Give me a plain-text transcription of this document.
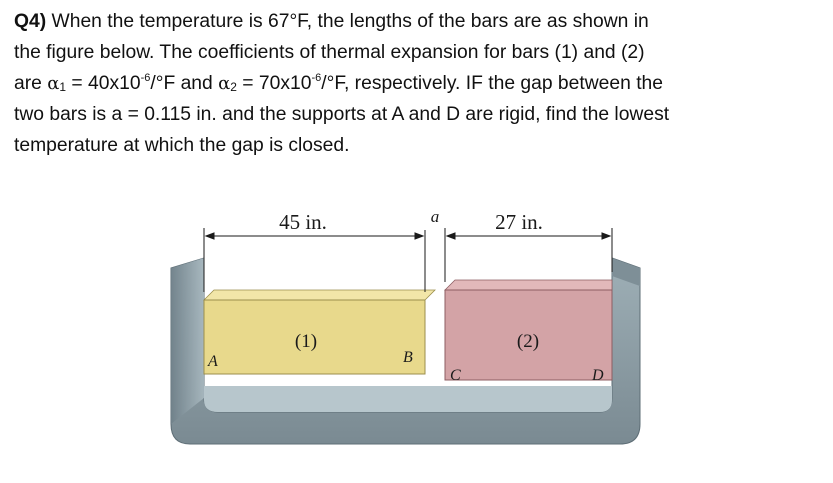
Q4) When the temperature is 67°F, the lengths of the bars are as shown in
the figure below. The coefficients of thermal expansion for bars (1) and (2)
are $\alpha_1 = 40x10^{-6}/^\circ F$ and $\alpha_2 = 70x10^{-6}/^\circ F$, respectively. IF the gap between the
two bars is a = 0.115 in. and the supports at A and D are rigid, find the lowest
temperature at which the gap is closed.
45 in.	a	27 in.
(1)	(2)
A	B
C	D
